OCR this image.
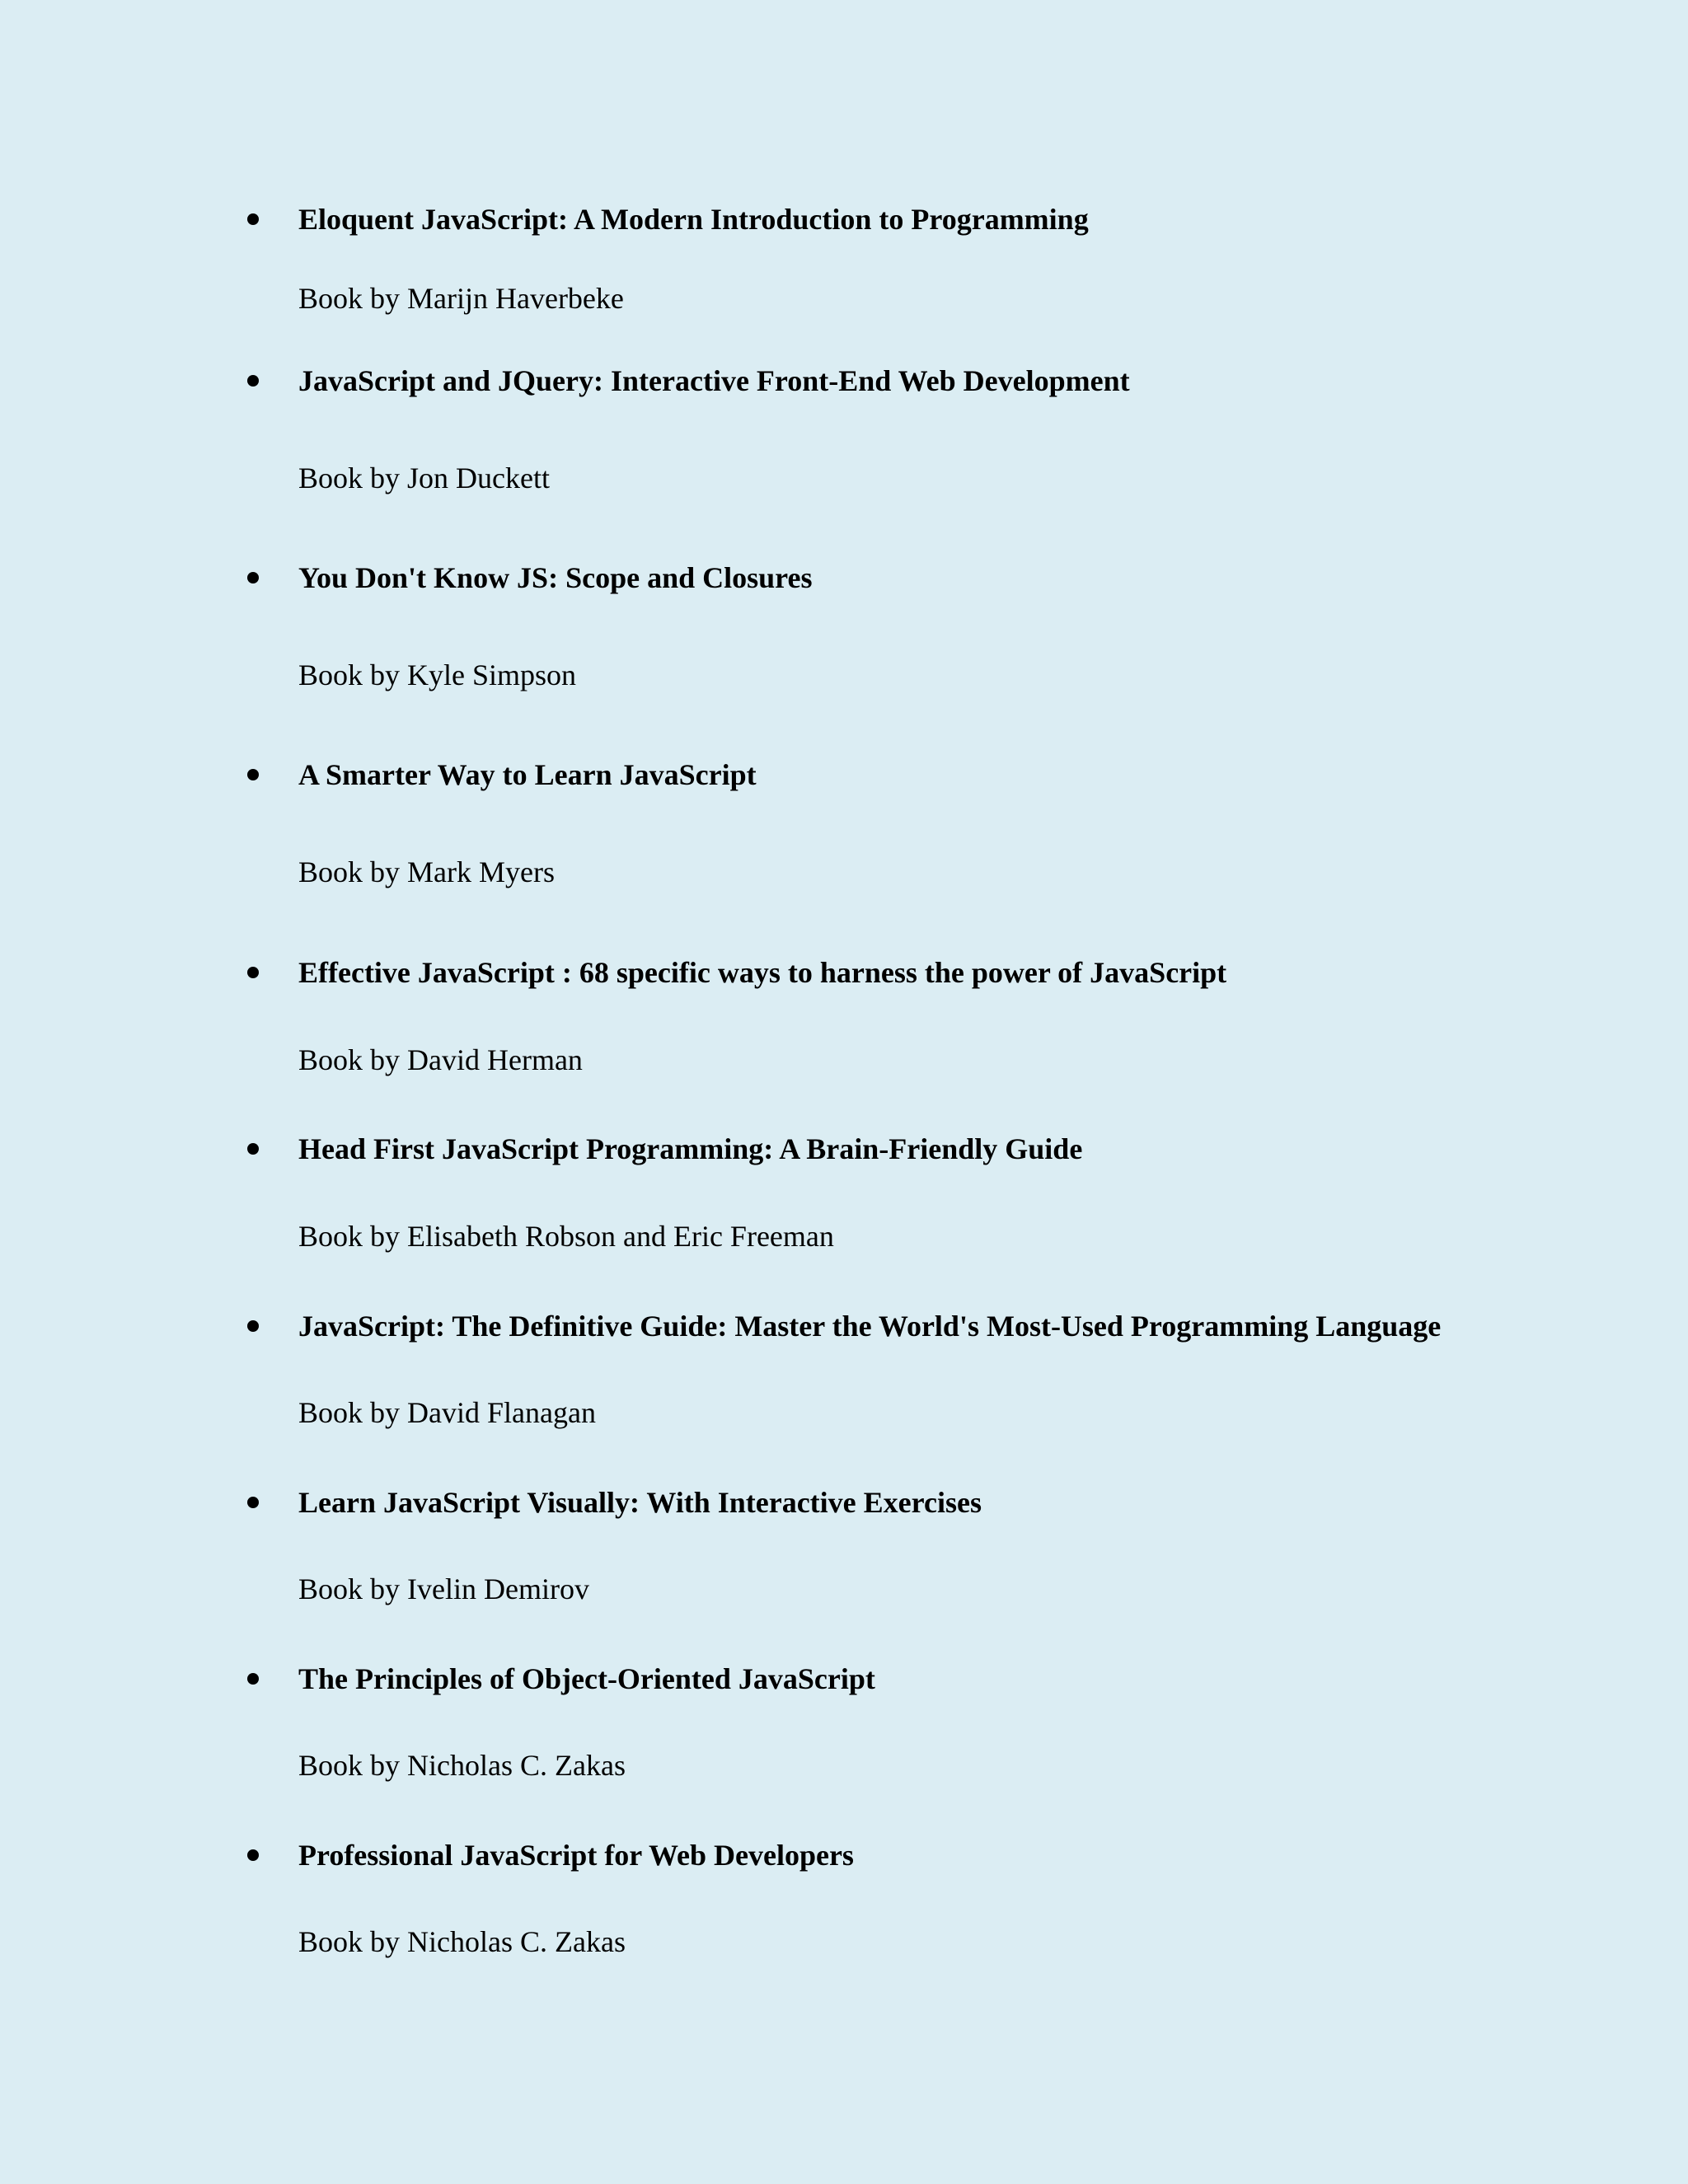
Eloquent JavaScript: A Modern Introduction to Programming
Book by Marijn Haverbeke
JavaScript and JQuery: Interactive Front-End Web Development
Book by Jon Duckett
You Don't Know JS: Scope and Closures
Book by Kyle Simpson
A Smarter Way to Learn JavaScript
Book by Mark Myers
Effective JavaScript : 68 specific ways to harness the power of JavaScript
Book by David Herman
Head First JavaScript Programming: A Brain-Friendly Guide
Book by Elisabeth Robson and Eric Freeman
JavaScript: The Definitive Guide: Master the World's Most-Used Programming Language
Book by David Flanagan
Learn JavaScript Visually: With Interactive Exercises
Book by Ivelin Demirov
The Principles of Object-Oriented JavaScript
Book by Nicholas C. Zakas
Professional JavaScript for Web Developers
Book by Nicholas C. Zakas
